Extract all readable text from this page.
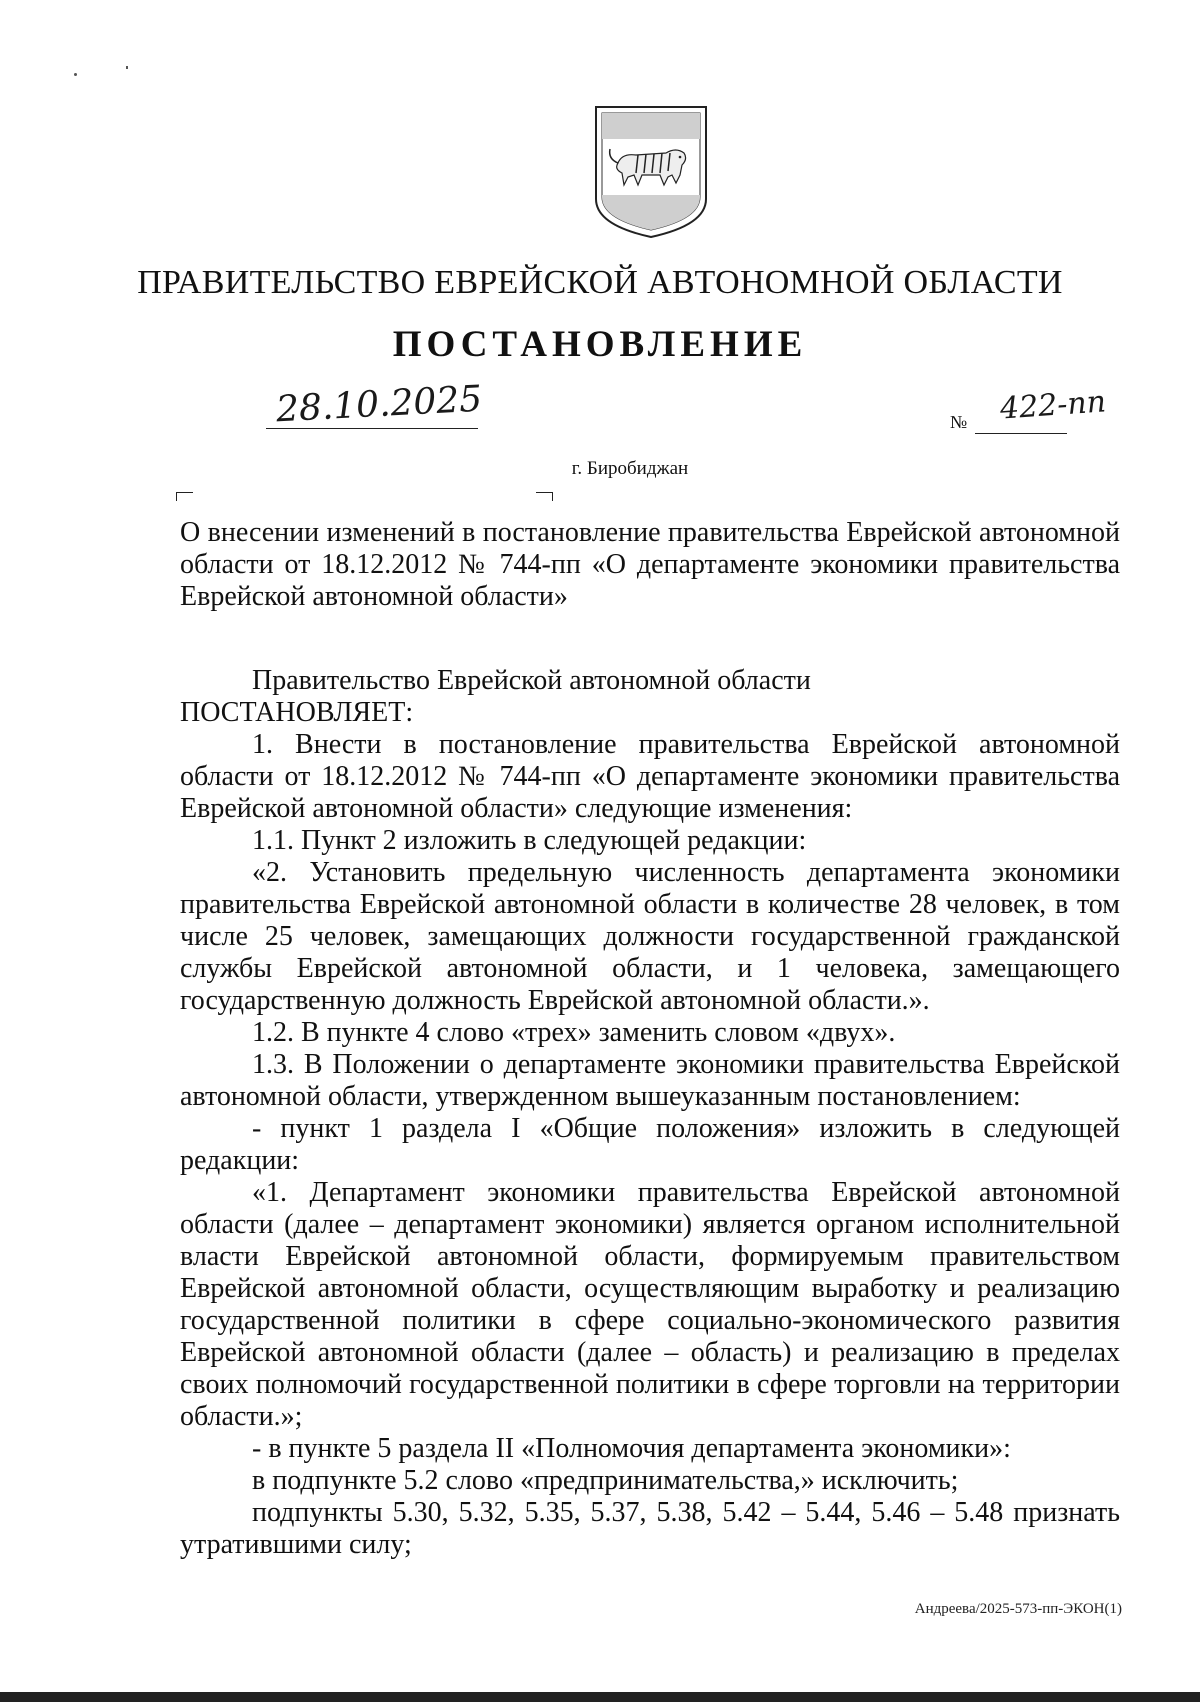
ПРАВИТЕЛЬСТВО ЕВРЕЙСКОЙ АВТОНОМНОЙ ОБЛАСТИ
ПОСТАНОВЛЕНИЕ
28.10.2025	№ 422-пп
г. Биробиджан
О внесении изменений в постановление правительства Еврейской автономной области от 18.12.2012 № 744-пп «О департаменте экономики правительства Еврейской автономной области»

Правительство Еврейской автономной области

ПОСТАНОВЛЯЕТ:

1. Внести в постановление правительства Еврейской автономной области от 18.12.2012 № 744-пп «О департаменте экономики правительства Еврейской автономной области» следующие изменения:

1.1. Пункт 2 изложить в следующей редакции:

«2. Установить предельную численность департамента экономики правительства Еврейской автономной области в количестве 28 человек, в том числе 25 человек, замещающих должности государственной гражданской службы Еврейской автономной области, и 1 человека, замещающего государственную должность Еврейской автономной области.».

1.2. В пункте 4 слово «трех» заменить словом «двух».

1.3. В Положении о департаменте экономики правительства Еврейской автономной области, утвержденном вышеуказанным постановлением:

- пункт 1 раздела I «Общие положения» изложить в следующей редакции:

«1. Департамент экономики правительства Еврейской автономной области (далее – департамент экономики) является органом исполнительной власти Еврейской автономной области, формируемым правительством Еврейской автономной области, осуществляющим выработку и реализацию государственной политики в сфере социально-экономического развития Еврейской автономной области (далее – область) и реализацию в пределах своих полномочий государственной политики в сфере торговли на территории области.»;

- в пункте 5 раздела II «Полномочия департамента экономики»:

в подпункте 5.2 слово «предпринимательства,» исключить;

подпункты 5.30, 5.32, 5.35, 5.37, 5.38, 5.42 – 5.44, 5.46 – 5.48 признать утратившими силу;

Андреева/2025-573-пп-ЭКОН(1)
